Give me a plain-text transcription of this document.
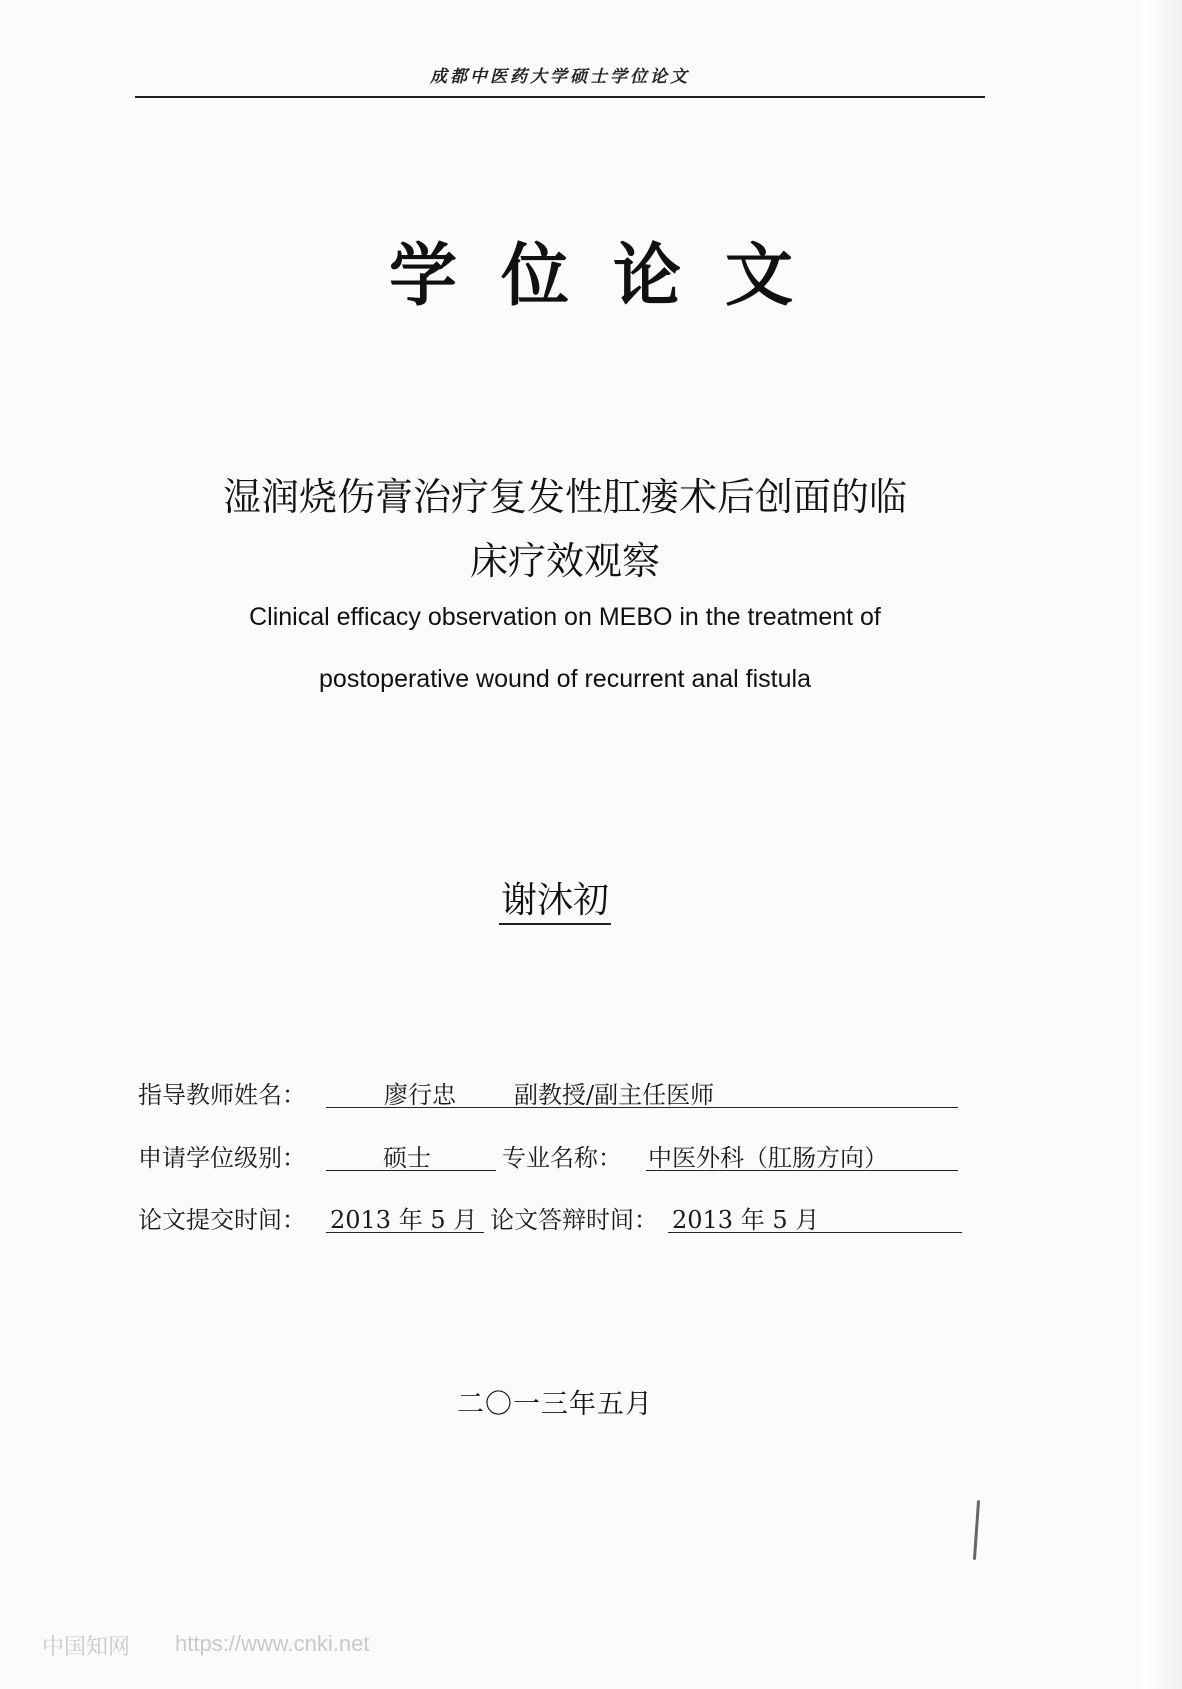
成都中医药大学硕士学位论文
学位论文
湿润烧伤膏治疗复发性肛瘘术后创面的临
床疗效观察
Clinical efficacy observation on MEBO in the treatment of
postoperative wound of recurrent anal fistula
谢沐初
指导教师姓名：	廖行忠 副教授/副主任医师
申请学位级别：	硕士	专业名称： 中医外科（肛肠方向）
论文提交时间： 2013 年 5 月 论文答辩时间： 2013 年 5 月
二〇一三年五月
中国知网 https://www.cnki.net
